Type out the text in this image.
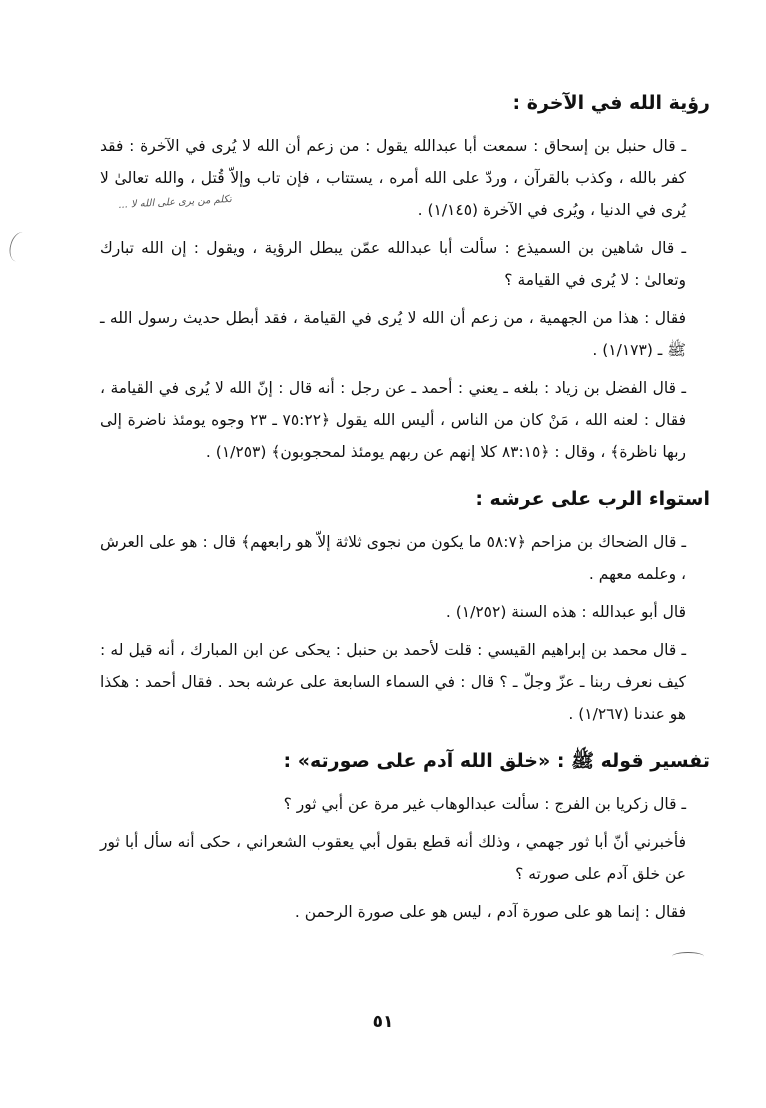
تكلم من يرى على الله لا ...
رؤية الله في الآخرة :

ـ قال حنبل بن إسحاق : سمعت أبا عبدالله يقول : من زعم أن الله لا يُرى في الآخرة : فقد كفر بالله ، وكذب بالقرآن ، وردّ على الله أمره ، يستتاب ، فإن تاب وإلاّ قُتل ، والله تعالىٰ لا يُرى في الدنيا ، ويُرى في الآخرة (١/١٤٥) .

ـ قال شاهين بن السميذع : سألت أبا عبدالله عمّن يبطل الرؤية ، ويقول : إن الله تبارك وتعالىٰ : لا يُرى في القيامة ؟

فقال : هذا من الجهمية ، من زعم أن الله لا يُرى في القيامة ، فقد أبطل حديث رسول الله ـ ﷺ ـ (١/١٧٣) .

ـ قال الفضل بن زياد : بلغه ـ يعني : أحمد ـ عن رجل : أنه قال : إنّ الله لا يُرى في القيامة ، فقال : لعنه الله ، مَنْ كان من الناس ، أليس الله يقول ﴿٧٥:٢٢ ـ ٢٣ وجوه يومئذ ناضرة إلى ربها ناظرة﴾ ، وقال : ﴿٨٣:١٥ كلا إنهم عن ربهم يومئذ لمحجوبون﴾ (١/٢٥٣) .

استواء الرب على عرشه :

ـ قال الضحاك بن مزاحم ﴿٥٨:٧ ما يكون من نجوى ثلاثة إلاّ هو رابعهم﴾ قال : هو على العرش ، وعلمه معهم .

قال أبو عبدالله : هذه السنة (١/٢٥٢) .

ـ قال محمد بن إبراهيم القيسي : قلت لأحمد بن حنبل : يحكى عن ابن المبارك ، أنه قيل له : كيف نعرف ربنا ـ عزّ وجلّ ـ ؟ قال : في السماء السابعة على عرشه بحد . فقال أحمد : هكذا هو عندنا (١/٢٦٧) .

تفسير قوله ﷺ : «خلق الله آدم على صورته» :

ـ قال زكريا بن الفرج : سألت عبدالوهاب غير مرة عن أبي ثور ؟

فأخبرني أنّ أبا ثور جهمي ، وذلك أنه قطع بقول أبي يعقوب الشعراني ، حكى أنه سأل أبا ثور عن خلق آدم على صورته ؟

فقال : إنما هو على صورة آدم ، ليس هو على صورة الرحمن .

٥١
